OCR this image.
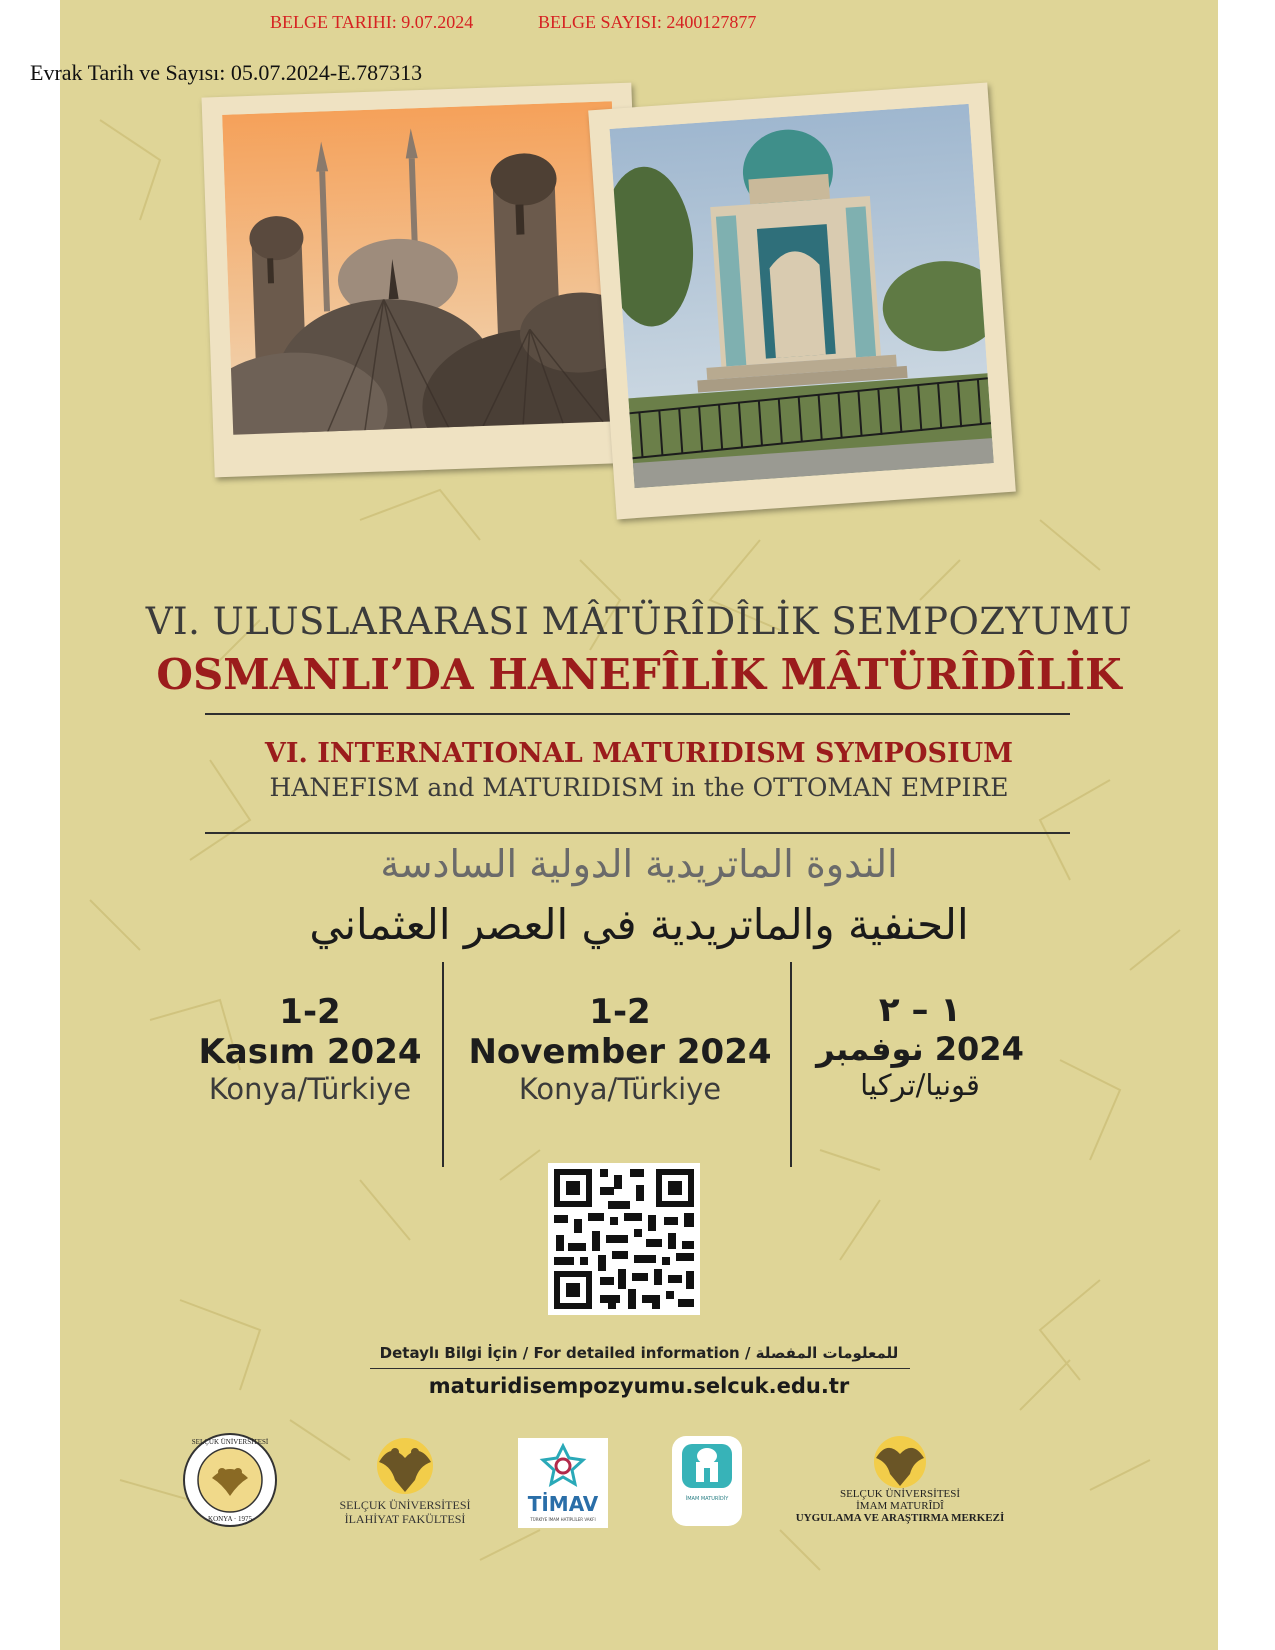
VI. ULUSLARARASI MÂTÜRÎDÎLİK SEMPOZYUMU
OSMANLI’DA HANEFÎLİK MÂTÜRÎDÎLİK
VI. INTERNATIONAL MATURIDISM SYMPOSIUM
HANEFISM and MATURIDISM in the OTTOMAN EMPIRE
الندوة الماتريدية الدولية السادسة
الحنفية والماتريدية في العصر العثماني
1-2
Kasım 2024
Konya/Türkiye
1-2
November 2024
Konya/Türkiye
١ – ٢
2024 نوفمبر
قونيا/تركيا
Detaylı Bilgi İçin / For detailed information / للمعلومات المفصلة
maturidisempozyumu.selcuk.edu.tr
SELÇUK ÜNİVERSİTESİ
KONYA · 1975
SELÇUK ÜNİVERSİTESİ
İLAHİYAT FAKÜLTESİ
TİMAV
TÜRKİYE İMAM HATİPLİLER VAKFI
İMAM MATURİDİY	SELÇUK ÜNİVERSİTESİ
İMAM MATURÎDÎ
UYGULAMA VE ARAŞTIRMA MERKEZİ
BELGE TARIHI: 9.07.2024	BELGE SAYISI: 2400127877
Evrak Tarih ve Sayısı: 05.07.2024-E.787313
